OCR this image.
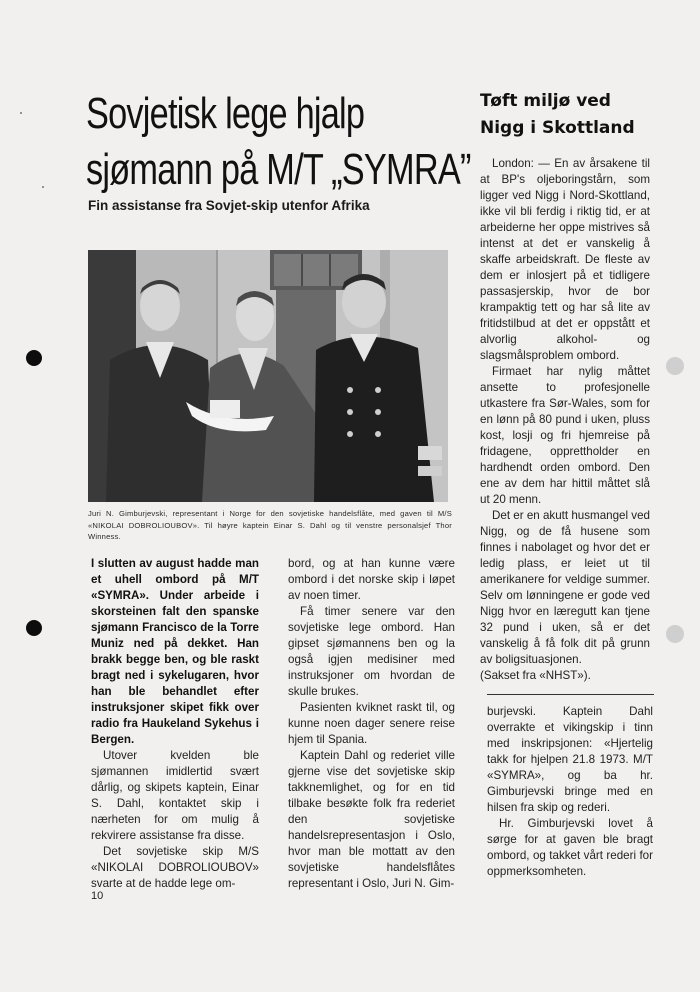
Sovjetisk lege hjalp
sjømann på M/T „SYMRA”
Fin assistanse fra Sovjet-skip utenfor Afrika
Tøft miljø ved
Nigg i Skottland
Juri N. Gimburjevski, representant i Norge for den sovjetiske handelsflåte, med gaven til M/S «NIKOLAI DOBROLIOUBOV». Til høyre kaptein Einar S. Dahl og til venstre personalsjef Thor Winness.

I slutten av august hadde man et uhell ombord på M/T «SYMRA». Under arbeide i skorsteinen falt den spanske sjømann Francisco de la Torre Muniz ned på dekket. Han brakk begge ben, og ble raskt bragt ned i sykelugaren, hvor han ble behandlet efter instruksjoner skipet fikk over radio fra Haukeland Sykehus i Bergen.

Utover kvelden ble sjømannen imidlertid svært dårlig, og skipets kaptein, Einar S. Dahl, kontaktet skip i nærheten for om mulig å rekvirere assistanse fra disse.

Det sovjetiske skip M/S «NIKOLAI DOBROLIOUBOV» svarte at de hadde lege om-

bord, og at han kunne være ombord i det norske skip i løpet av noen timer.

Få timer senere var den sovjetiske lege ombord. Han gipset sjømannens ben og la også igjen medisiner med instruksjoner om hvordan de skulle brukes.

Pasienten kviknet raskt til, og kunne noen dager senere reise hjem til Spania.

Kaptein Dahl og rederiet ville gjerne vise det sovjetiske skip takknemlighet, og for en tid tilbake besøkte folk fra rederiet den sovjetiske handelsrepresentasjon i Oslo, hvor man ble mottatt av den sovjetiske handelsflåtes representant i Oslo, Juri N. Gim-

London: — En av årsakene til at BP's oljeboringstårn, som ligger ved Nigg i Nord-Skottland, ikke vil bli ferdig i riktig tid, er at arbeiderne her oppe mistrives så intenst at det er vanskelig å skaffe arbeidskraft. De fleste av dem er inlosjert på et tidligere passasjerskip, hvor de bor krampaktig tett og har så lite av fritidstilbud at det er oppstått et alvorlig alkohol- og slagsmålsproblem ombord.

Firmaet har nylig måttet ansette to profesjonelle utkastere fra Sør-Wales, som for en lønn på 80 pund i uken, pluss kost, losji og fri hjemreise på fridagene, opprettholder en hardhendt orden ombord. Den ene av dem har hittil måttet slå ut 20 menn.

Det er en akutt husmangel ved Nigg, og de få husene som finnes i nabolaget og hvor det er ledig plass, er leiet ut til amerikanere for veldige summer. Selv om lønningene er gode ved Nigg hvor en læregutt kan tjene 32 pund i uken, så er det vanskelig å få folk dit på grunn av boligsituasjonen.

(Sakset fra «NHST»).

burjevski. Kaptein Dahl overrakte et vikingskip i tinn med inskripsjonen: «Hjertelig takk for hjelpen 21.8 1973. M/T «SYMRA», og ba hr. Gimburjevski bringe med en hilsen fra skip og rederi.

Hr. Gimburjevski lovet å sørge for at gaven ble bragt ombord, og takket vårt rederi for oppmerksomheten.

10
